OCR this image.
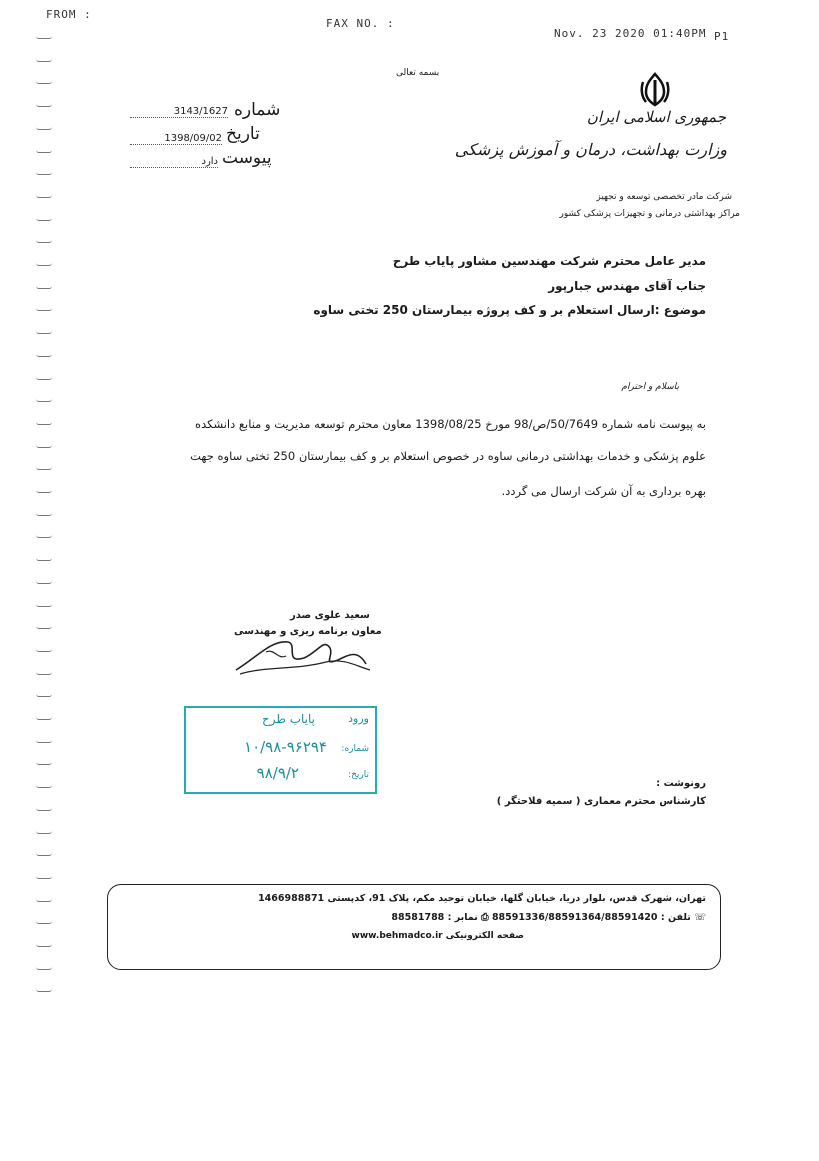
FROM :
FAX NO. :
Nov. 23 2020 01:40PM P1
بسمه تعالی
جمهوری اسلامی ایران
وزارت بهداشت، درمان و آموزش پزشکی
شرکت مادر تخصصی توسعه و تجهیز
مراکز بهداشتی درمانی و تجهیزات پزشکی کشور
شماره
3143/1627
تاریخ
1398/09/02
پیوست
دارد
مدیر عامل محترم شرکت مهندسین مشاور پایاب طرح
جناب آقای مهندس جبارپور
موضوع :ارسال استعلام بر و کف پروژه بیمارستان 250 تختی ساوه
باسلام و احترام
به پیوست نامه شماره 50/7649/ص/98 مورخ 1398/08/25 معاون محترم توسعه مدیریت و منابع دانشکده
علوم پزشکی و خدمات بهداشتی درمانی ساوه در خصوص استعلام بر و کف بیمارستان 250 تختی ساوه جهت
بهره برداری به آن شرکت ارسال می گردد.
سعید علوی صدر
معاون برنامه ریزی و مهندسی
ورود
پایاب طرح
شماره:
۱۰/۹۸-۹۶۲۹۴
تاریخ:
۹۸/۹/۲
رونوشت :
کارشناس محترم معماری ( سمیه فلاحتگر )
تهران، شهرک قدس، بلوار دریا، خیابان گلها، خیابان توحید مکم، پلاک 91، کدپستی 1466988871
☏ تلفن : 88591336/88591364/88591420 ⎙ نمابر : 88581788
صفحه الکترونیکی www.behmadco.ir
